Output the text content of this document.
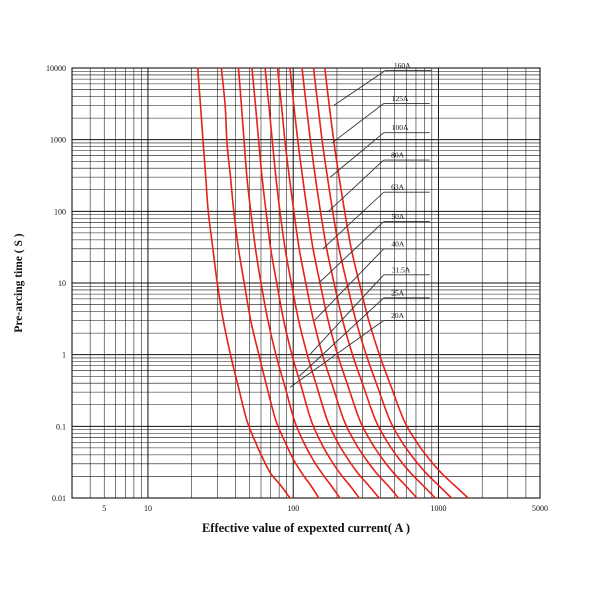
160A
125A
100A
80A
63A
50A
40A
31.5A
25A
20A
5	10	100	1000	5000
0.01
0.1
1
10
100
1000
10000
Effective value of expexted current( A )
Pre-arcing time ( S )
